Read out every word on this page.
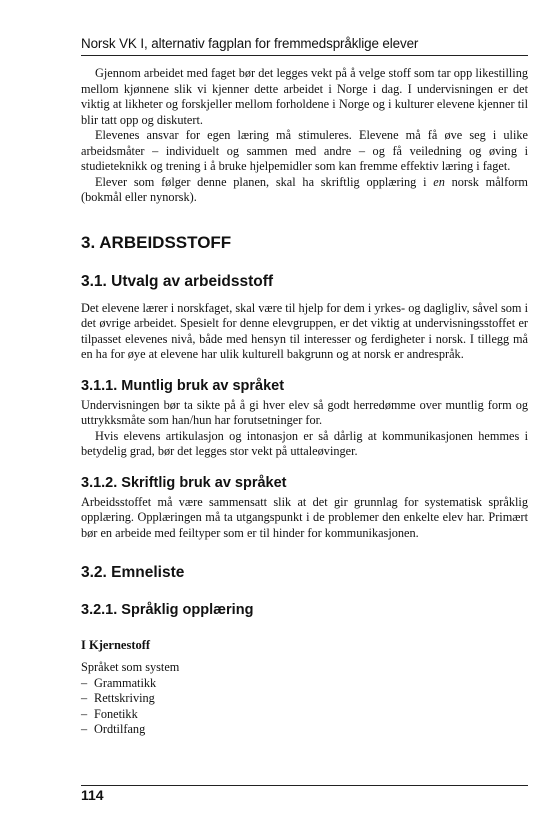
Norsk VK I, alternativ fagplan for fremmedspråklige elever

Gjennom arbeidet med faget bør det legges vekt på å velge stoff som tar opp likestilling mellom kjønnene slik vi kjenner dette arbeidet i Norge i dag. I undervisningen er det viktig at likheter og forskjeller mellom forholdene i Norge og i kulturer elevene kjenner til blir tatt opp og diskutert.

Elevenes ansvar for egen læring må stimuleres. Elevene må få øve seg i ulike arbeidsmåter – individuelt og sammen med andre – og få veiledning og øving i studieteknikk og trening i å bruke hjelpemidler som kan fremme effektiv læring i faget.

Elever som følger denne planen, skal ha skriftlig opplæring i en norsk målform (bokmål eller nynorsk).

3. ARBEIDSSTOFF
3.1. Utvalg av arbeidsstoff

Det elevene lærer i norskfaget, skal være til hjelp for dem i yrkes- og dagligliv, såvel som i det øvrige arbeidet. Spesielt for denne elevgruppen, er det viktig at undervisningsstoffet er tilpasset elevenes nivå, både med hensyn til interesser og ferdigheter i norsk. I tillegg må en ha for øye at elevene har ulik kulturell bakgrunn og at norsk er andrespråk.

3.1.1. Muntlig bruk av språket

Undervisningen bør ta sikte på å gi hver elev så godt herredømme over muntlig form og uttrykksmåte som han/hun har forutsetninger for.

Hvis elevens artikulasjon og intonasjon er så dårlig at kommunikasjonen hemmes i betydelig grad, bør det legges stor vekt på uttaleøvinger.

3.1.2. Skriftlig bruk av språket

Arbeidsstoffet må være sammensatt slik at det gir grunnlag for systematisk språklig opplæring. Opplæringen må ta utgangspunkt i de problemer den enkelte elev har. Primært bør en arbeide med feiltyper som er til hinder for kommunikasjonen.

3.2. Emneliste
3.2.1. Språklig opplæring
I Kjernestoff

Språket som system

– Grammatikk
– Rettskriving
– Fonetikk
– Ordtilfang
114
